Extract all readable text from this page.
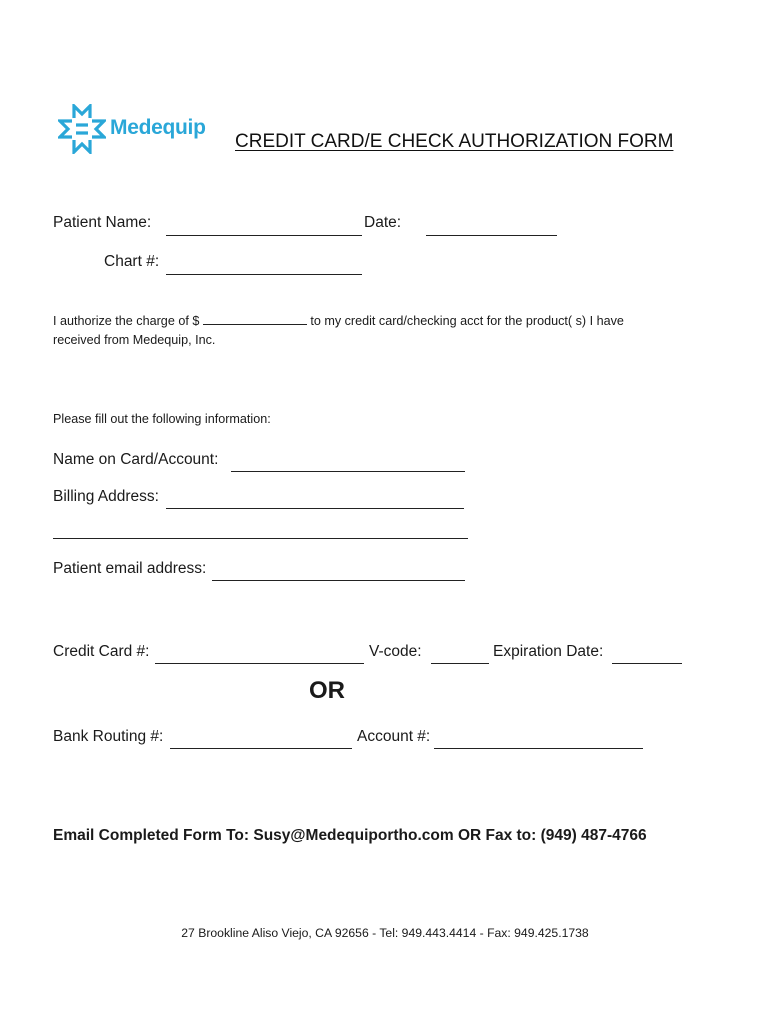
Medequip
CREDIT CARD/E CHECK AUTHORIZATION FORM
Patient Name:	Date:
Chart #:
I authorize the charge of $	to my credit card/checking acct for the product( s) I have
received from Medequip, Inc.
Please fill out the following information:
Name on Card/Account:
Billing Address:
Patient email address:
Credit Card #:	V-code:	Expiration Date:
OR
Bank Routing #:	Account #:
Email Completed Form To: Susy@Medequiportho.com OR Fax to: (949) 487-4766
27 Brookline Aliso Viejo, CA 92656 - Tel: 949.443.4414 - Fax: 949.425.1738
